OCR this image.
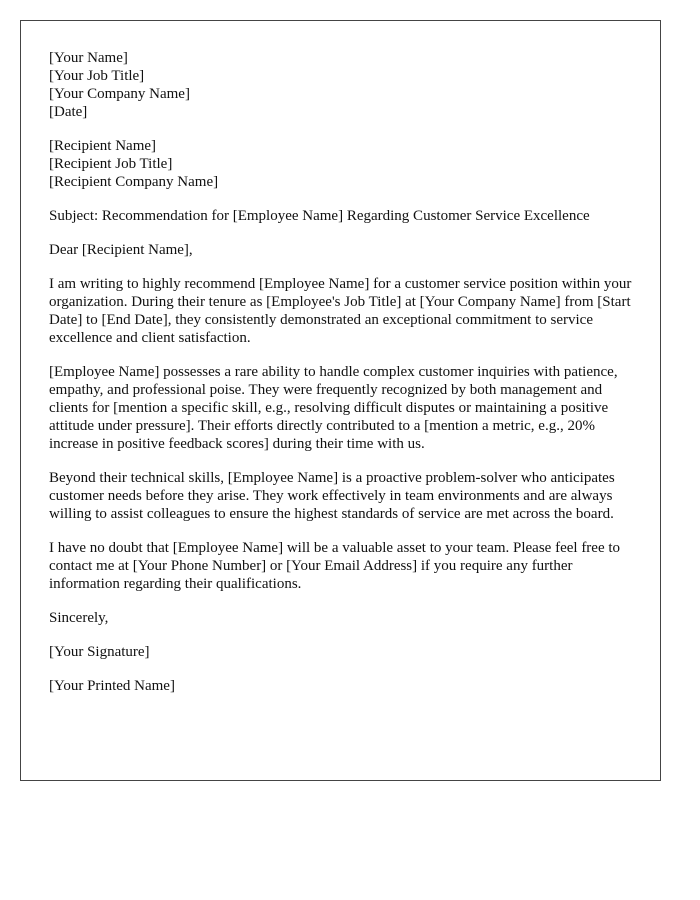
[Your Name]
[Your Job Title]
[Your Company Name]
[Date]
[Recipient Name]
[Recipient Job Title]
[Recipient Company Name]

Subject: Recommendation for [Employee Name] Regarding Customer Service Excellence

Dear [Recipient Name],

I am writing to highly recommend [Employee Name] for a customer service position within your organization. During their tenure as [Employee's Job Title] at [Your Company Name] from [Start Date] to [End Date], they consistently demonstrated an exceptional commitment to service excellence and client satisfaction.

[Employee Name] possesses a rare ability to handle complex customer inquiries with patience, empathy, and professional poise. They were frequently recognized by both management and clients for [mention a specific skill, e.g., resolving difficult disputes or maintaining a positive attitude under pressure]. Their efforts directly contributed to a [mention a metric, e.g., 20% increase in positive feedback scores] during their time with us.

Beyond their technical skills, [Employee Name] is a proactive problem-solver who anticipates customer needs before they arise. They work effectively in team environments and are always willing to assist colleagues to ensure the highest standards of service are met across the board.

I have no doubt that [Employee Name] will be a valuable asset to your team. Please feel free to contact me at [Your Phone Number] or [Your Email Address] if you require any further information regarding their qualifications.

Sincerely,

[Your Signature]

[Your Printed Name]
